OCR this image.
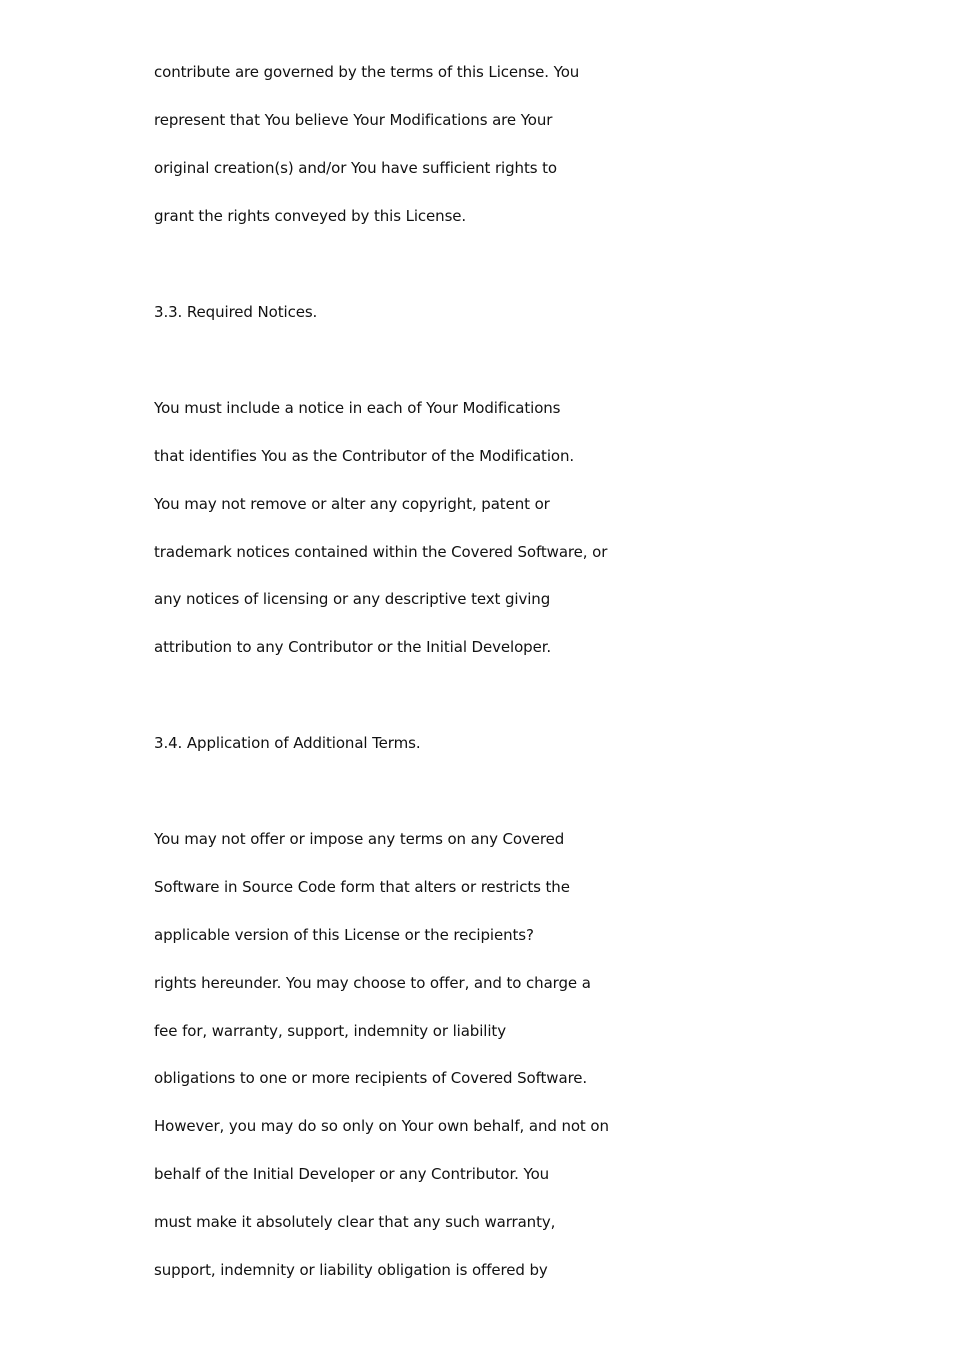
contribute are governed by the terms of this License. You
represent that You believe Your Modifications are Your
original creation(s) and/or You have sufficient rights to
grant the rights conveyed by this License.
3.3. Required Notices.
You must include a notice in each of Your Modifications
that identifies You as the Contributor of the Modification.
You may not remove or alter any copyright, patent or
trademark notices contained within the Covered Software, or
any notices of licensing or any descriptive text giving
attribution to any Contributor or the Initial Developer.
3.4. Application of Additional Terms.
You may not offer or impose any terms on any Covered
Software in Source Code form that alters or restricts the
applicable version of this License or the recipients?
rights hereunder. You may choose to offer, and to charge a
fee for, warranty, support, indemnity or liability
obligations to one or more recipients of Covered Software.
However, you may do so only on Your own behalf, and not on
behalf of the Initial Developer or any Contributor. You
must make it absolutely clear that any such warranty,
support, indemnity or liability obligation is offered by
